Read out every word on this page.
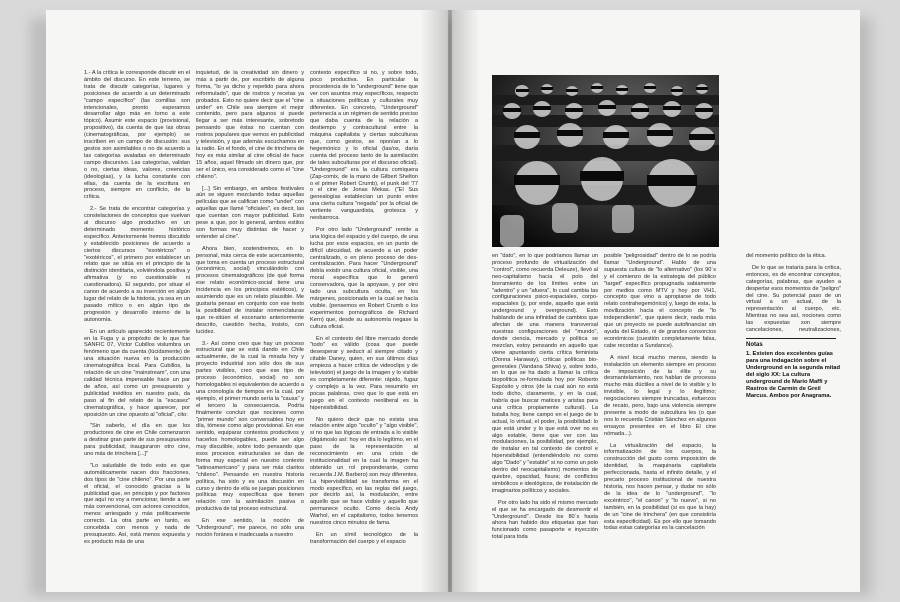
1.- A la crítica le corresponde discutir en el ámbito del discurso. En este terreno, se trata de discutir categorías, lugares y posiciones de acuerdo a un determinado "campo específico" (las comillas son intencionales, pronto esperamos desarrollar algo más en torno a este tópico). Asumir este espacio (provisional, propositivo), da cuenta de que las obras (cinematográficas, por ejemplo) se inscriben en un campo de discusión: sus gestos son asimilables o no de acuerdo a las categorías avaladas en determinado campo discursivo. Las categorías, validan o no, ciertas ideas, valores, creencias (ideologías), y la lucha constante con ellas, da cuenta de la escritura en proceso, siempre en conflicto, de la crítica.

2.- Se trata de encontrar categorías y constelaciones de conceptos que vuelvan al discurso algo productivo en un determinado momento histórico específico. Anteriormente hemos discutido y establecido posiciones de acuerdo a ciertos discursos "esotéricos" o "exotéricos", el primero por establecer un relato que se sitúa en el principio de la distinción identitaria, volviéndola positiva y afirmativa (y no cuestionable ni cuestionadora). El segundo, por situar el canon de acuerdo a su inserción en algún lugar del relato de la historia, ya sea en un pasado mítico o en algún tipo de progresión y desarrollo interno de la autonomía.

En un artículo aparecido recientemente en la Fuga y a propósito de lo que fue SANFIC 07, Víctor Cubillos vislumbra un fenómeno que da cuenta (lúcidamente) de una situación nueva en la producción cinematográfica local. Para Cubillos, la relación de un cine "mainstream", con una calidad técnica impensable hace un par de años, así como un presupuesto y publicidad inéditos en nuestro país, da paso al fin del relato de la "escasez" cinematográfica, y hace aparecer, por oposición un cine opuesto al "oficial", cito:

"Sin saberlo, el día en que los productores de cine en Chile comenzaron a destinar gran parte de sus presupuestos para publicidad, inauguraron otro cine, uno más de trinchera [...]"

"Lo saludable de todo esto es que automáticamente nacen dos fracciones, dos tipos de "cine chileno". Por una parte el oficial, el conocido gracias a la publicidad que, en principio y por factores que aquí no voy a mencionar, tiende a ser más convencional, con actores conocidos, menos arriesgado y más políticamente correcto. La otra parte en tanto, es concebida con menos y nada de presupuesto. Así, está menos expuesta y es producto más de una

inquietud, de la creatividad sin dinero y más a partir de, por escribirlo de alguna forma, "lo ya dicho y repetido para ahora reformulado", que de rostros y recetas ya probados. Esto no quiere decir que el "cine under" en Chile sea siempre el mejor contenido, pero para algunos si puede llegar a ser más interesante, sobretodo pensando que éstas no cuentan con rostros populares que vemos en publicidad y televisión, y que además escuchamos en la radio. En el fondo, el cine de trinchera de hoy es más similar al cine oficial de hace 15 años, aquel filmado sin dinero que, por ser el único, era considerado como el "cine chileno".

[...] Sin embargo, en ambos festivales aún se siguen mezclando todas aquellas películas que se califican como "under" con aquellas que llamé "oficiales", es decir, las que cuentan con mayor publicidad. Esto pese a que, por lo general, ambos estilos son formas muy distintas de hacer y entender al cine".

Ahora bien, sostendremos, en lo personal, más cerca de este acercamiento, que toma en cuenta un proceso estructural (económico, social) vinculándolo con procesos cinematográficos (de qué forma ese relato económico-social tiene una incidencia en los principios estéticos), y asumiendo que es un relato plausible. Me gustaría pensar en conjunto con ese texto la posibilidad de instalar nomenclaturas que re-sitúen el escenario anteriormente descrito, cuestión hecha, insisto, con lucidez.

3.- Así como creo que hay un proceso estructural que se está dando en Chile actualmente, de la cual la mirada hoy y proyecto industrial son sólo dos de sus partes visibles, creo que ese tipo de proceso (económico, social) no son homologables ni equivalentes de acuerdo a una cronología de tiempos en la cual, por ejemplo, el primer mundo sería la "causa" y el tercero la consecuencia. Podría finalmente concluir que nociones como "primer mundo" son conversables hoy en día, tómese como algo provisional. En ese sentido, equiparar contextos productivos y hacerlos homologables, puede ser algo muy discutible, sobre todo pensando que esos procesos estructurales se dan de forma muy especial en nuestro contexto "latinoamericano" y para ser más claritos "chileno". Pensando en nuestra historia política, ha sido y es una discusión en curso y dentro de ella se juegan posiciones políticas muy específicas que tienen relación con la asimilación pasiva o productiva de tal proceso estructural.

En ese sentido, la noción de "Underground", me parece, no sólo una noción foránea e inadecuada a nuestro

contexto específico si no, y sobre todo, poco productiva. En particular la procedencia de lo "underground" tiene que ver con asuntos muy específicos, respecto a situaciones políticas y culturales muy diferentes. En concreto, "Underground" pertenecía a un régimen de sentido preciso que daba cuenta de la relación a destiempo y contracultural entre la máquina capitalista y ciertas subculturas que, como gestos, se oponían a lo hegemónico y lo oficial (las/os, daría cuenta del proceso tanto de la asimilación de tales subculturas por el discurso oficial). "Underground" era la cultura comiquera (Zap-comix, de la mano de Gilbert Shelton o el primer Robert Crumb), el punk del '77 o el cine de Jonas Mekas. ("El Sus genealogías establecían un punto entre una cierta cultura "negada" por la oficial de vertiente vanguardista, grotesca y neobarroca.

Por otro lado "Underground" remite a una lógica del espacio y del cuerpo, de una lucha por esos espacios, en un punto de difícil ubicuidad, de acuerdo a un poder centralizado, o en pleno proceso de des-centralización. Para hacer "Underground" debía existir una cultura oficial, visible, una moral específica que lo generó conservadora, que la apoyase, y por otro lado una subcultura oculta, en los márgenes, posicionada en la cual se hacía visible. (pensemos en Robert Crumb o los experimentos pornográficos de Richard Kern) que, desde su autonomía negase la cultura oficial.

En el contexto del libre mercado donde "todo" es válido (cosa que puede desesperar y seducir al siempre citado y citable Daney, quien, en sus últimos días empieza a hacer crítica de videoclips y de televisión) el juego de la imagen y lo visible es completamente diferente: rápido, fugaz y complejo a la vez. Para resumirlo en pocas palabras, creo que lo que está en juego en el contexto neoliberal es la hipervisibilidad.

No quiero decir que no exista una relación entre algo "oculto" y "algo visible", si no que las lógicas de entrada a lo visible (digámoslo así: hoy en día lo legítimo, en el paso de la representación al reconocimiento en una crisis de institucionalidad en la cual la imagen ha obtenido un rol preponderante, como recuerda J.M. Barbero) son muy diferentes. La hipervisibilidad se transforma en el modo específico, en las reglas del juego, por decirlo así, la modulación, entre aquello que se hace visible y aquello que permanece oculto. Como decía Andy Warhol, en el capitalismo, todos tenemos nuestros cinco minutos de fama.

En un símil tecnológico de la transformación del cuerpo y el espacio

en "dato", en lo que podríamos llamar un proceso profundo de virtualización del "control", como recuerda Deleuze), llevó al neo-capitalismo hacia el polo del borramiento de los límites entre un "adentro" y un "afuera", lo cual cambia las configuraciones psico-espaciales, corpo-espaciales (y, por ende, aquello que está underground y overground). Esto hablando de una infinidad de cambios que afectan de una manera transversal nuestras configuraciones del "mundo", donde ciencia, mercado y política se mezclan, estoy pensando en aquello que viene apuntando cierta crítica feminista (Donna Haraway), críticas políticas bio-generales (Vandana Shiva) y, sobre todo, en lo que se ha dado a llamar la crítica biopolítica re-formulada hoy por Roberto Espósito y otros (de la cual aún no está todo dicho, claramente, y en la cual, habría que buscar matices y aristas para una crítica propiamente cultural). La batalla hoy, tiene campo en el juego de lo actual, lo virtual, el poder, la posibilidad: lo que está under y lo que está over no es algo estable, tiene que ver con las modulaciones, la posibilidad, por ejemplo, de instalar en tal contexto de control e hipervisibilidad (entendiéndolo no como algo "Dado" y "estable" si no como un polo dentro del neocapitalismo) momentos de quiebre, opacidad, fisura; de conflictos simbólicos e ideológicos, de instalación de imaginarios políticos y sociales.

Por otro lado ha sido el mismo mercado el que se ha encargado de desmentir el "Underground". Desde los 80´s hasta ahora han habido dos etiquetas que han funcionado como pasaporte e inyección total para toda

posible "peligrosidad" dentro de lo se podría llamar "Underground". Hablo de una supuesta cultura de "lo alternativo" (los 90´s y el comienzo de la estrategia del público "target" específico propugnada sabiamente por medios como MTV y hoy por VH1, concepto que vino a apropiarse de todo relato contrahegemónico) y, luego de esta, la movilización hacia el concepto de "lo independiente", que quiere decir, nada más que un proyecto se puede autofinanciar sin ayuda del Estado, ni de grandes consorcios económicos (cuestión completamente falsa, cabe recordar a Sundance).

A nivel local mucho menos, siendo la instalación un elemento siempre en proceso de imposición de la élite y su desmantelamiento, nos hablan de procesos mucho más dúctiles a nivel de lo visible y lo invisible, lo legal y lo ilegítimo; negociaciones siempre truncadas, esfuerzos de recato, pero, bajo una violencia siempre presente a modo de subcultura les (o que nos lo recuerda Cristián Sánchez en algunos ensayos presentes en el libro El cine nómada...).

La virtualización del espacio, la informatización de los cuerpos, la construcción del gusto como imposición de identidad, la maquinaria capitalista perfeccionada, hasta el infinito detalle, y el precario proceso institucional de nuestra historia, nos hacen pensar, y dudar no sólo de la idea de lo "underground", "lo excéntrico", "el canon" y "lo nuevo", si no también, en la posibilidad (si es que la hay) de un "cine de trinchera" (en que consistiría esta especificidad). Es por ello que tomando todas estas categorías es la cancelación

del momento político de la ética.

De lo que se trataría para la crítica, entonces, es de encontrar conceptos, categorías, palabras, que ayuden a despertar esos momentos de "peligro" del cine. Su potencial paso de un virtual a un actual, de la representación al cuerpo, etc. Mientras no sea así, nociones como las expuestas son siempre cancelaciones, neutralizaciones,

Notas
1. Existen dos excelentes guías para una indagación sobre el Underground en la segunda mitad del siglo XX: La cultura underground de Mario Maffi y Rastros de Carmín de Greil Marcus. Ambos por Anagrama.
